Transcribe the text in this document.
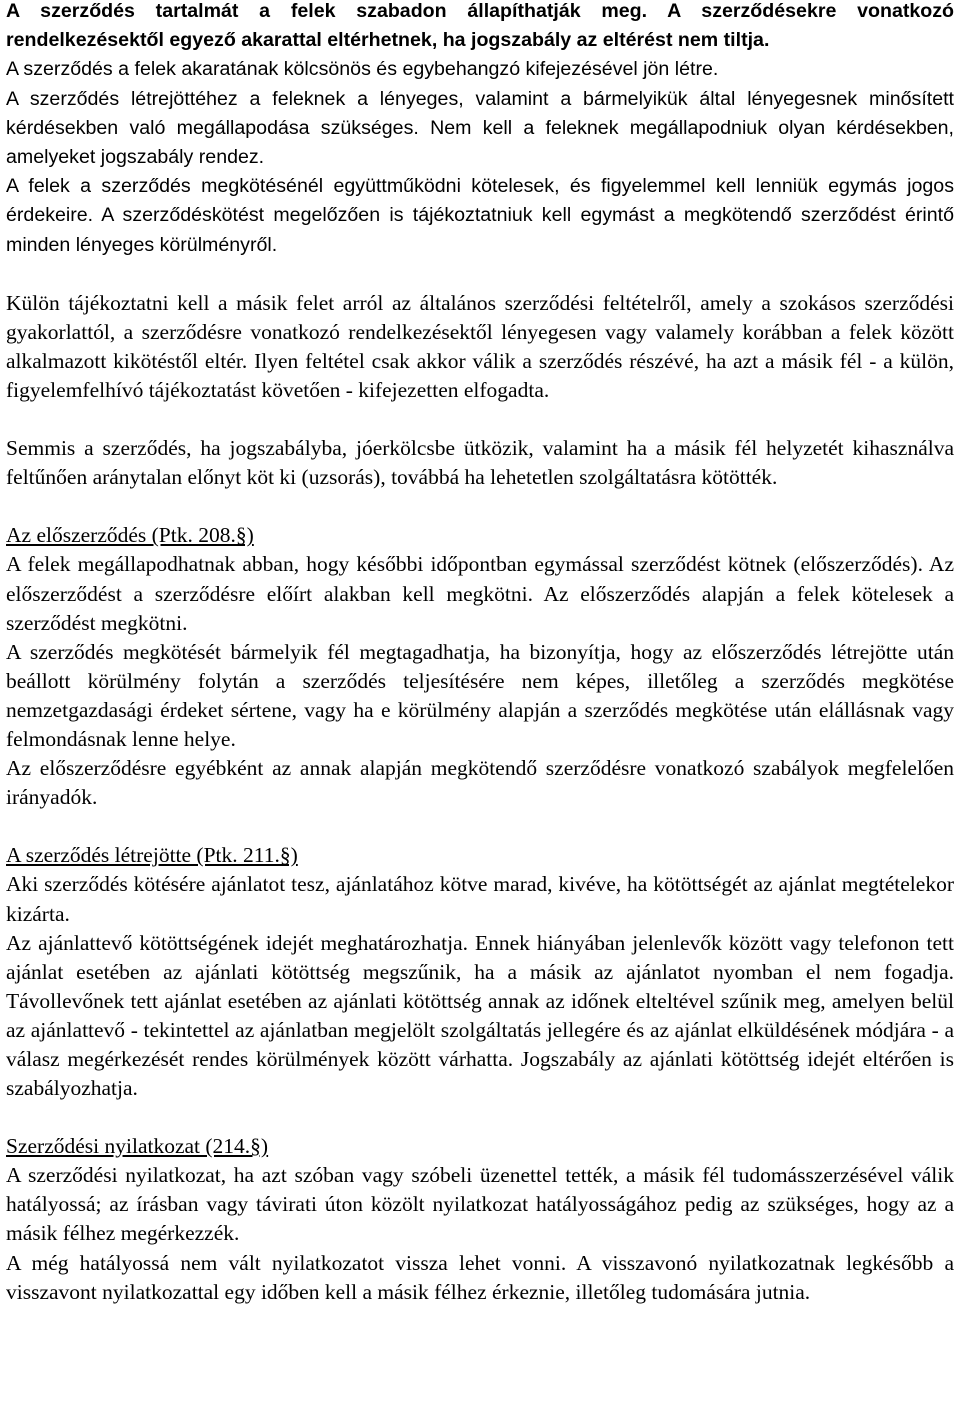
A szerződés tartalmát a felek szabadon állapíthatják meg. A szerződésekre vonatkozó rendelkezésektől egyező akarattal eltérhetnek, ha jogszabály az eltérést nem tiltja.

A szerződés a felek akaratának kölcsönös és egybehangzó kifejezésével jön létre.

A szerződés létrejöttéhez a feleknek a lényeges, valamint a bármelyikük által lényegesnek minősített kérdésekben való megállapodása szükséges. Nem kell a feleknek megállapodniuk olyan kérdésekben, amelyeket jogszabály rendez.

A felek a szerződés megkötésénél együttműködni kötelesek, és figyelemmel kell lenniük egymás jogos érdekeire. A szerződéskötést megelőzően is tájékoztatniuk kell egymást a megkötendő szerződést érintő minden lényeges körülményről.

Külön tájékoztatni kell a másik felet arról az általános szerződési feltételről, amely a szokásos szerződési gyakorlattól, a szerződésre vonatkozó rendelkezésektől lényegesen vagy valamely korábban a felek között alkalmazott kikötéstől eltér. Ilyen feltétel csak akkor válik a szerződés részévé, ha azt a másik fél - a külön, figyelemfelhívó tájékoztatást követően - kifejezetten elfogadta.

Semmis a szerződés, ha jogszabályba, jóerkölcsbe ütközik, valamint ha a másik fél helyzetét kihasználva feltűnően aránytalan előnyt köt ki (uzsorás), továbbá ha lehetetlen szolgáltatásra kötötték.

Az előszerződés (Ptk. 208.§)

A felek megállapodhatnak abban, hogy későbbi időpontban egymással szerződést kötnek (előszerződés). Az előszerződést a szerződésre előírt alakban kell megkötni. Az előszerződés alapján a felek kötelesek a szerződést megkötni.

A szerződés megkötését bármelyik fél megtagadhatja, ha bizonyítja, hogy az előszerződés létrejötte után beállott körülmény folytán a szerződés teljesítésére nem képes, illetőleg a szerződés megkötése nemzetgazdasági érdeket sértene, vagy ha e körülmény alapján a szerződés megkötése után elállásnak vagy felmondásnak lenne helye.

Az előszerződésre egyébként az annak alapján megkötendő szerződésre vonatkozó szabályok megfelelően irányadók.

A szerződés létrejötte (Ptk. 211.§)

Aki szerződés kötésére ajánlatot tesz, ajánlatához kötve marad, kivéve, ha kötöttségét az ajánlat megtételekor kizárta.

Az ajánlattevő kötöttségének idejét meghatározhatja. Ennek hiányában jelenlevők között vagy telefonon tett ajánlat esetében az ajánlati kötöttség megszűnik, ha a másik az ajánlatot nyomban el nem fogadja. Távollevőnek tett ajánlat esetében az ajánlati kötöttség annak az időnek elteltével szűnik meg, amelyen belül az ajánlattevő - tekintettel az ajánlatban megjelölt szolgáltatás jellegére és az ajánlat elküldésének módjára - a válasz megérkezését rendes körülmények között várhatta. Jogszabály az ajánlati kötöttség idejét eltérően is szabályozhatja.

Szerződési nyilatkozat (214.§)

A szerződési nyilatkozat, ha azt szóban vagy szóbeli üzenettel tették, a másik fél tudomásszerzésével válik hatályossá; az írásban vagy távirati úton közölt nyilatkozat hatályosságához pedig az szükséges, hogy az a másik félhez megérkezzék.

A még hatályossá nem vált nyilatkozatot vissza lehet vonni. A visszavonó nyilatkozatnak legkésőbb a visszavont nyilatkozattal egy időben kell a másik félhez érkeznie, illetőleg tudomására jutnia.
